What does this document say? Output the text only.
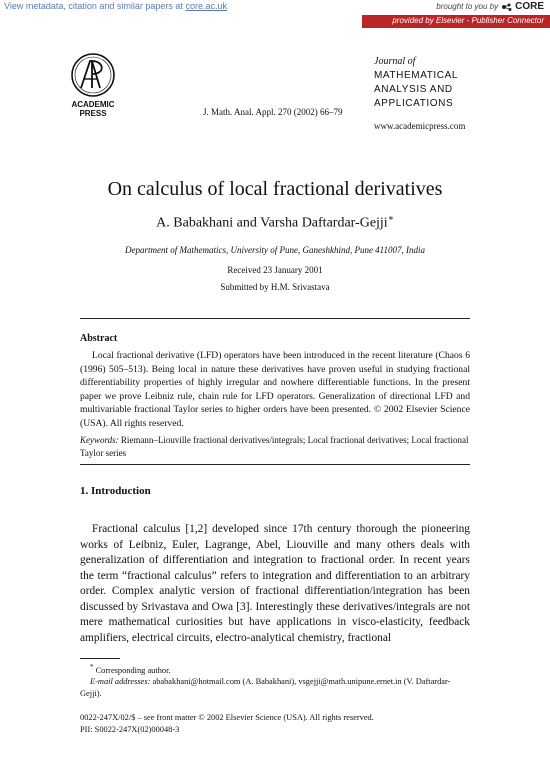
View metadata, citation and similar papers at core.ac.uk	brought to you by CORE
provided by Elsevier - Publisher Connector
ACADEMIC
PRESS	J. Math. Anal. Appl. 270 (2002) 66–79
Journal of
MATHEMATICAL
ANALYSIS AND
APPLICATIONS
www.academicpress.com
On calculus of local fractional derivatives
A. Babakhani and Varsha Daftardar-Gejji∗
Department of Mathematics, University of Pune, Ganeshkhind, Pune 411007, India
Received 23 January 2001
Submitted by H.M. Srivastava
Abstract
Local fractional derivative (LFD) operators have been introduced in the recent literature (Chaos 6 (1996) 505–513). Being local in nature these derivatives have proven useful in studying fractional differentiability properties of highly irregular and nowhere differentiable functions. In the present paper we prove Leibniz rule, chain rule for LFD operators. Generalization of directional LFD and multivariable fractional Taylor series to higher orders have been presented. © 2002 Elsevier Science (USA). All rights reserved.
Keywords: Riemann–Liouville fractional derivatives/integrals; Local fractional derivatives; Local fractional Taylor series
1. Introduction
Fractional calculus [1,2] developed since 17th century thorough the pioneering works of Leibniz, Euler, Lagrange, Abel, Liouville and many others deals with generalization of differentiation and integration to fractional order. In recent years the term “fractional calculus” refers to integration and differentiation to an arbitrary order. Complex analytic version of fractional differentiation/integration has been discussed by Srivastava and Owa [3]. Interestingly these derivatives/integrals are not mere mathematical curiosities but have applications in visco-elasticity, feedback amplifiers, electrical circuits, electro-analytical chemistry, fractional
* Corresponding author.
E-mail addresses: ababakhani@hotmail.com (A. Babakhani), vsgejji@math.unipune.ernet.in (V. Daftardar-Gejji).
0022-247X/02/$ – see front matter © 2002 Elsevier Science (USA). All rights reserved.
PII: S0022-247X(02)00048-3
